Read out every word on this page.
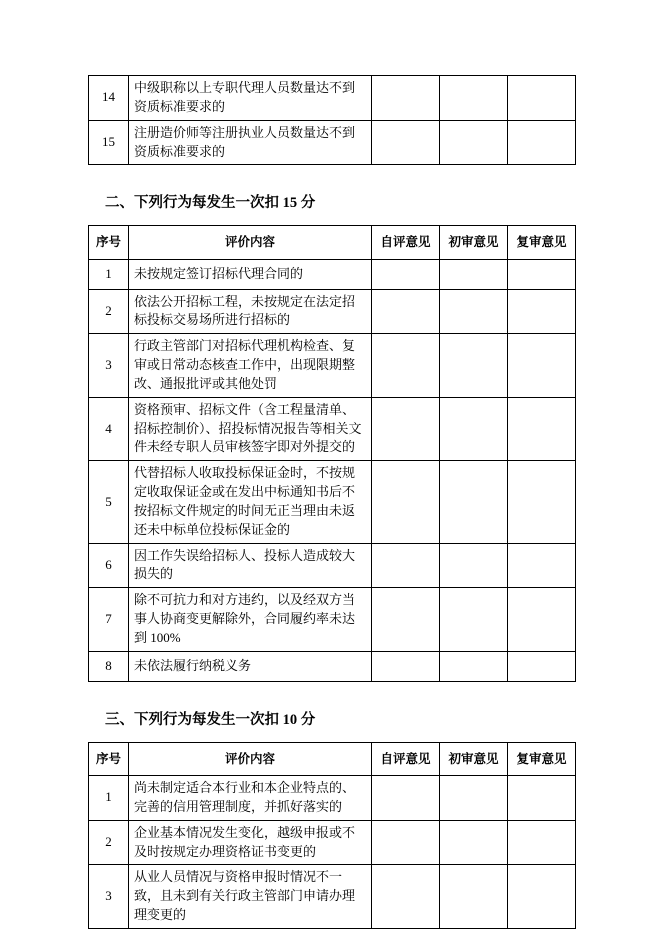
14	中级职称以上专职代理人员数量达不到资质标准要求的			
15	注册造价师等注册执业人员数量达不到资质标准要求的			
二、下列行为每发生一次扣 15 分
序号	评价内容	自评意见	初审意见	复审意见
1	未按规定签订招标代理合同的			
2	依法公开招标工程，未按规定在法定招标投标交易场所进行招标的			
3	行政主管部门对招标代理机构检查、复审或日常动态核查工作中，出现限期整改、通报批评或其他处罚			
4	资格预审、招标文件（含工程量清单、招标控制价）、招投标情况报告等相关文件未经专职人员审核签字即对外提交的			
5	代替招标人收取投标保证金时，不按规定收取保证金或在发出中标通知书后不按招标文件规定的时间无正当理由未返还未中标单位投标保证金的			
6	因工作失误给招标人、投标人造成较大损失的			
7	除不可抗力和对方违约，以及经双方当事人协商变更解除外，合同履约率未达到 100%			
8	未依法履行纳税义务			
三、下列行为每发生一次扣 10 分
序号	评价内容	自评意见	初审意见	复审意见
1	尚未制定适合本行业和本企业特点的、完善的信用管理制度，并抓好落实的			
2	企业基本情况发生变化，越级申报或不及时按规定办理资格证书变更的			
3	从业人员情况与资格申报时情况不一致，且未到有关行政主管部门申请办理理变更的			
